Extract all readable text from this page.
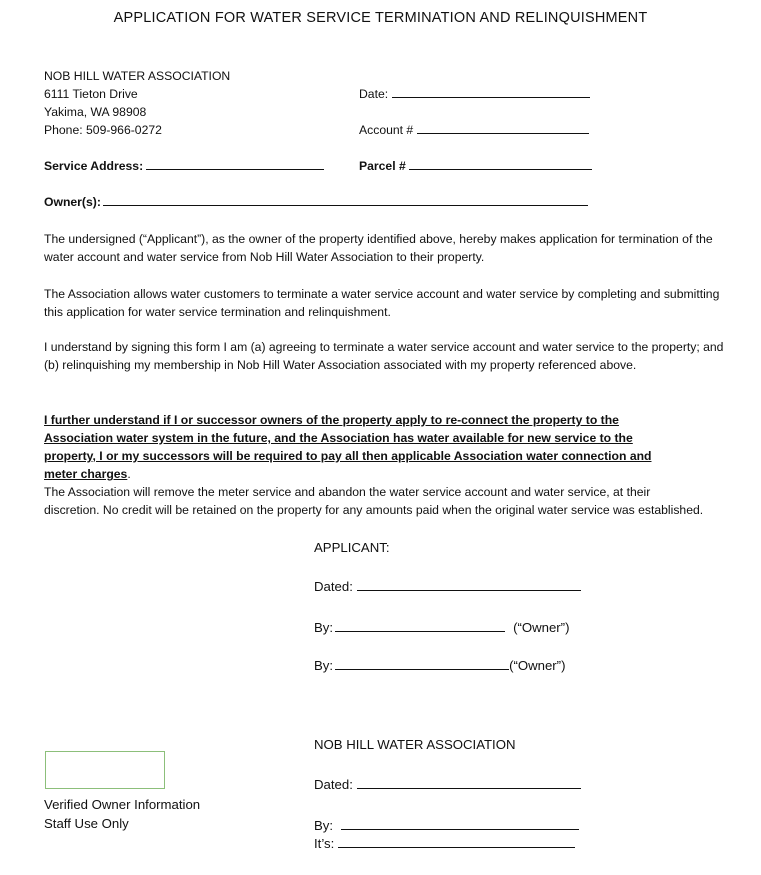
APPLICATION FOR WATER SERVICE TERMINATION AND RELINQUISHMENT
NOB HILL WATER ASSOCIATION
6111 Tieton Drive
Yakima, WA 98908
Phone: 509-966-0272
Date:
Account #
Service Address:	Parcel #
Owner(s):
The undersigned (“Applicant”), as the owner of the property identified above, hereby makes application for termination of the water account and water service from Nob Hill Water Association to their property.
The Association allows water customers to terminate a water service account and water service by completing and submitting this application for water service termination and relinquishment.
I understand by signing this form I am (a) agreeing to terminate a water service account and water service to the property; and (b) relinquishing my membership in Nob Hill Water Association associated with my property referenced above.
I further understand if I or successor owners of the property apply to re-connect the property to the Association water system in the future, and the Association has water available for new service to the property, I or my successors will be required to pay all then applicable Association water connection and meter charges.
The Association will remove the meter service and abandon the water service account and water service, at their discretion. No credit will be retained on the property for any amounts paid when the original water service was established.
APPLICANT:
Dated:
By:	(“Owner”)
By:	(“Owner”)
NOB HILL WATER ASSOCIATION
Dated:
By:
It’s:
Verified Owner Information
Staff Use Only
